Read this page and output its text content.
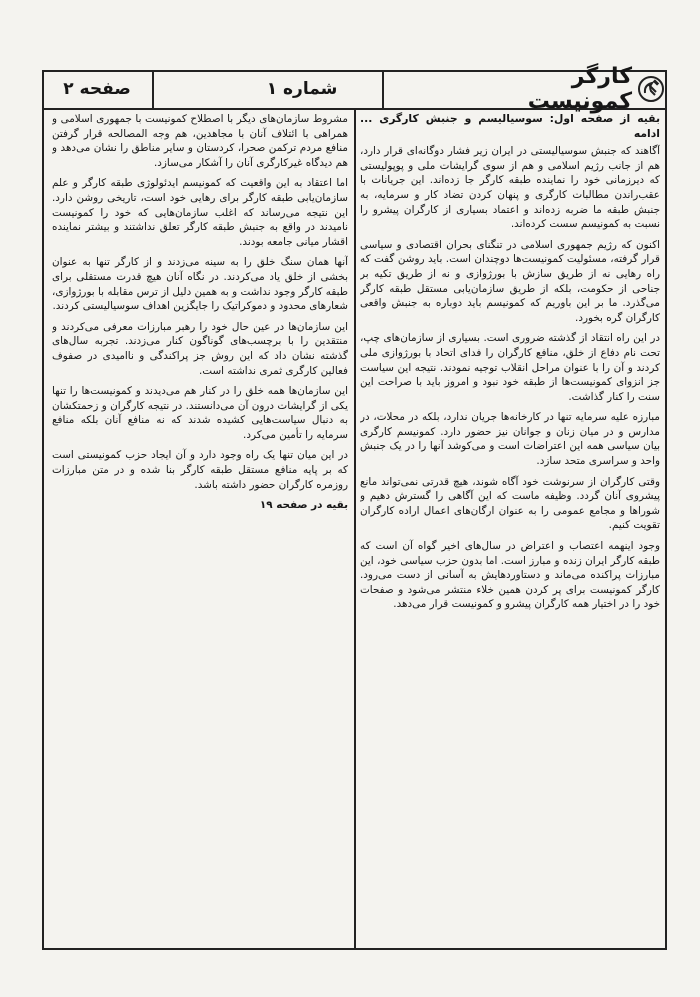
صفحه ۲	شماره ۱	کارگر کمونیست
بقیه از صفحه اول: سوسیالیسم و جنبش کارگری ... ادامه

آگاهند که جنبش سوسیالیستی در ایران زیر فشار دوگانه‌ای قرار دارد، هم از جانب رژیم اسلامی و هم از سوی گرایشات ملی و پوپولیستی که دیرزمانی خود را نماینده طبقه کارگر جا زده‌اند. این جریانات با عقب‌راندن مطالبات کارگری و پنهان کردن تضاد کار و سرمایه، به جنبش طبقه ما ضربه زده‌اند و اعتماد بسیاری از کارگران پیشرو را نسبت به کمونیسم سست کرده‌اند.

اکنون که رژیم جمهوری اسلامی در تنگنای بحران اقتصادی و سیاسی قرار گرفته، مسئولیت کمونیست‌ها دوچندان است. باید روشن گفت که راه رهایی نه از طریق سازش با بورژوازی و نه از طریق تکیه بر جناحی از حکومت، بلکه از طریق سازمان‌یابی مستقل طبقه کارگر می‌گذرد. ما بر این باوریم که کمونیسم باید دوباره به جنبش واقعی کارگران گره بخورد.

در این راه انتقاد از گذشته ضروری است. بسیاری از سازمان‌های چپ، تحت نام دفاع از خلق، منافع کارگران را فدای اتحاد با بورژوازی ملی کردند و آن را با عنوان مراحل انقلاب توجیه نمودند. نتیجه این سیاست جز انزوای کمونیست‌ها از طبقه خود نبود و امروز باید با صراحت این سنت را کنار گذاشت.

مبارزه علیه سرمایه تنها در کارخانه‌ها جریان ندارد، بلکه در محلات، در مدارس و در میان زنان و جوانان نیز حضور دارد. کمونیسم کارگری بیان سیاسی همه این اعتراضات است و می‌کوشد آنها را در یک جنبش واحد و سراسری متحد سازد.

وقتی کارگران از سرنوشت خود آگاه شوند، هیچ قدرتی نمی‌تواند مانع پیشروی آنان گردد. وظیفه ماست که این آگاهی را گسترش دهیم و شوراها و مجامع عمومی را به عنوان ارگان‌های اعمال اراده کارگران تقویت کنیم.

وجود اینهمه اعتصاب و اعتراض در سال‌های اخیر گواه آن است که طبقه کارگر ایران زنده و مبارز است. اما بدون حزب سیاسی خود، این مبارزات پراکنده می‌ماند و دستاوردهایش به آسانی از دست می‌رود. کارگر کمونیست برای پر کردن همین خلاء منتشر می‌شود و صفحات خود را در اختیار همه کارگران پیشرو و کمونیست قرار می‌دهد.

مشروط سازمان‌های دیگر با اصطلاح کمونیست با جمهوری اسلامی و همراهی با ائتلاف آنان با مجاهدین، هم وجه المصالحه قرار گرفتن منافع مردم ترکمن صحرا، کردستان و سایر مناطق را نشان می‌دهد و هم دیدگاه غیرکارگری آنان را آشکار می‌سازد.

اما اعتقاد به این واقعیت که کمونیسم ایدئولوژی طبقه کارگر و علم سازمان‌یابی طبقه کارگر برای رهایی خود است، تاریخی روشن دارد. این نتیجه می‌رساند که اغلب سازمان‌هایی که خود را کمونیست نامیدند در واقع به جنبش طبقه کارگر تعلق نداشتند و بیشتر نماینده اقشار میانی جامعه بودند.

آنها همان سنگ خلق را به سینه می‌زدند و از کارگر تنها به عنوان بخشی از خلق یاد می‌کردند. در نگاه آنان هیچ قدرت مستقلی برای طبقه کارگر وجود نداشت و به همین دلیل از ترس مقابله با بورژوازی، شعارهای محدود و دموکراتیک را جایگزین اهداف سوسیالیستی کردند.

این سازمان‌ها در عین حال خود را رهبر مبارزات معرفی می‌کردند و منتقدین را با برچسب‌های گوناگون کنار می‌زدند. تجربه سال‌های گذشته نشان داد که این روش جز پراکندگی و ناامیدی در صفوف فعالین کارگری ثمری نداشته است.

این سازمان‌ها همه خلق را در کنار هم می‌دیدند و کمونیست‌ها را تنها یکی از گرایشات درون آن می‌دانستند. در نتیجه کارگران و زحمتکشان به دنبال سیاست‌هایی کشیده شدند که نه منافع آنان بلکه منافع سرمایه را تأمین می‌کرد.

در این میان تنها یک راه وجود دارد و آن ایجاد حزب کمونیستی است که بر پایه منافع مستقل طبقه کارگر بنا شده و در متن مبارزات روزمره کارگران حضور داشته باشد.

بقیه در صفحه ۱۹
